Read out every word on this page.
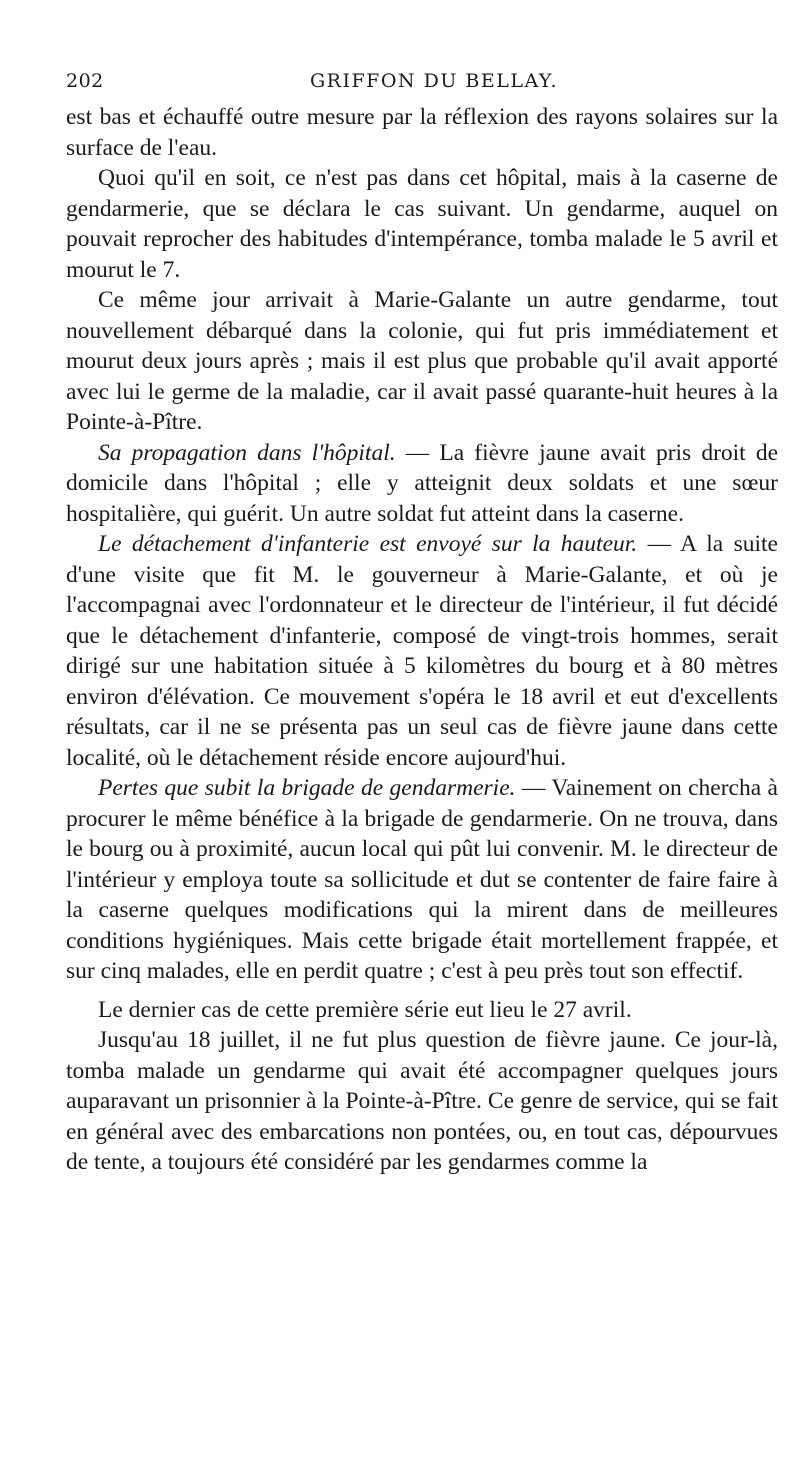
202	GRIFFON DU BELLAY.

est bas et échauffé outre mesure par la réflexion des rayons solaires sur la surface de l'eau.

Quoi qu'il en soit, ce n'est pas dans cet hôpital, mais à la caserne de gendarmerie, que se déclara le cas suivant. Un gendarme, auquel on pouvait reprocher des habitudes d'intempérance, tomba malade le 5 avril et mourut le 7.

Ce même jour arrivait à Marie-Galante un autre gendarme, tout nouvellement débarqué dans la colonie, qui fut pris immédiatement et mourut deux jours après ; mais il est plus que probable qu'il avait apporté avec lui le germe de la maladie, car il avait passé quarante-huit heures à la Pointe-à-Pître.

Sa propagation dans l'hôpital. — La fièvre jaune avait pris droit de domicile dans l'hôpital ; elle y atteignit deux soldats et une sœur hospitalière, qui guérit. Un autre soldat fut atteint dans la caserne.

Le détachement d'infanterie est envoyé sur la hauteur. — A la suite d'une visite que fit M. le gouverneur à Marie-Galante, et où je l'accompagnai avec l'ordonnateur et le directeur de l'intérieur, il fut décidé que le détachement d'infanterie, composé de vingt-trois hommes, serait dirigé sur une habitation située à 5 kilomètres du bourg et à 80 mètres environ d'élévation. Ce mouvement s'opéra le 18 avril et eut d'excellents résultats, car il ne se présenta pas un seul cas de fièvre jaune dans cette localité, où le détachement réside encore aujourd'hui.

Pertes que subit la brigade de gendarmerie. — Vainement on chercha à procurer le même bénéfice à la brigade de gendarmerie. On ne trouva, dans le bourg ou à proximité, aucun local qui pût lui convenir. M. le directeur de l'intérieur y employa toute sa sollicitude et dut se contenter de faire faire à la caserne quelques modifications qui la mirent dans de meilleures conditions hygiéniques. Mais cette brigade était mortellement frappée, et sur cinq malades, elle en perdit quatre ; c'est à peu près tout son effectif.

Le dernier cas de cette première série eut lieu le 27 avril.

Jusqu'au 18 juillet, il ne fut plus question de fièvre jaune. Ce jour-là, tomba malade un gendarme qui avait été accompagner quelques jours auparavant un prisonnier à la Pointe-à-Pître. Ce genre de service, qui se fait en général avec des embarcations non pontées, ou, en tout cas, dépourvues de tente, a toujours été considéré par les gendarmes comme la
